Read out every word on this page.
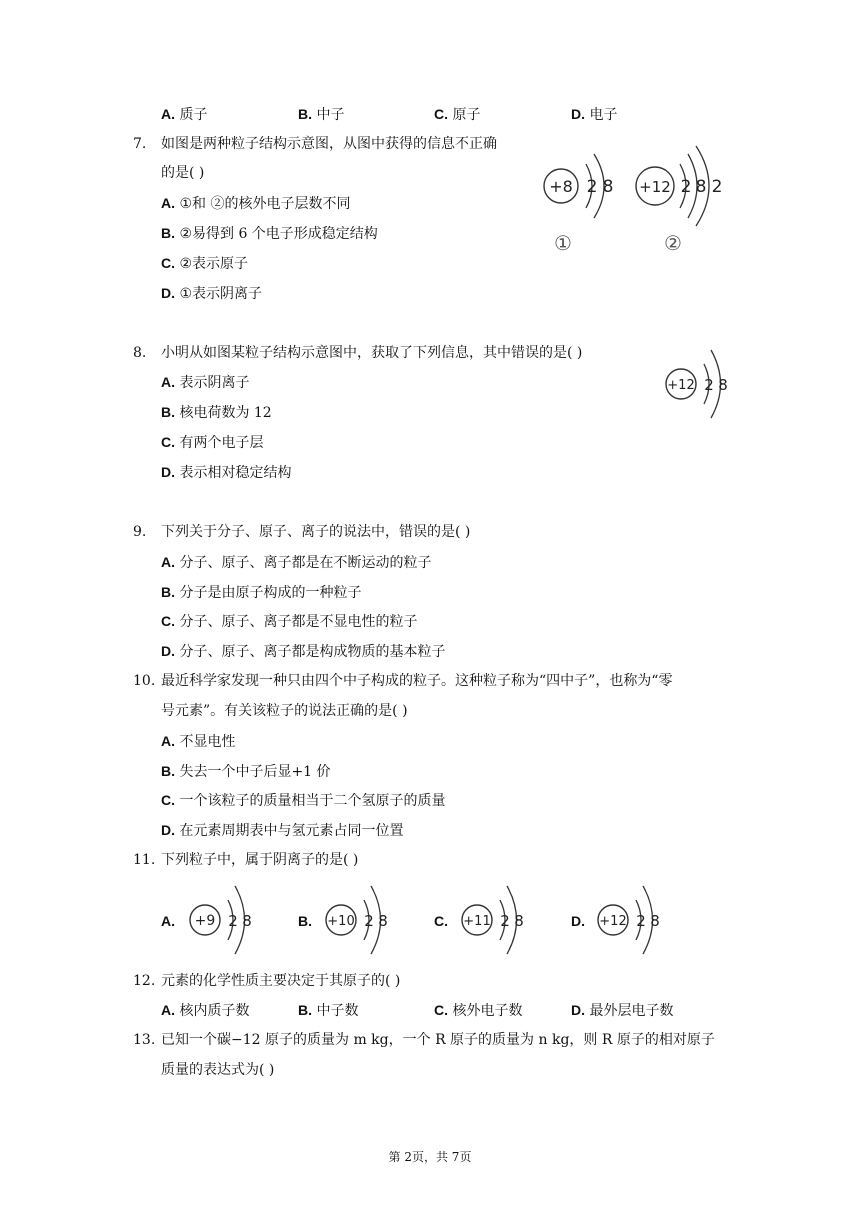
A. 质子	B. 中子	C. 原子	D. 电子
7.	如图是两种粒子结构示意图，从图中获得的信息不正确
的是( )
A. ①和 ②的核外电子层数不同
B. ②易得到 6 个电子形成稳定结构
C. ②表示原子
D. ①表示阴离子
+8 2 8
①
+12 2 8 2
②
8.	小明从如图某粒子结构示意图中，获取了下列信息，其中错误的是( )
A. 表示阴离子
B. 核电荷数为 12
C. 有两个电子层
D. 表示相对稳定结构
+12 2 8
9.	下列关于分子、原子、离子的说法中，错误的是( )
A. 分子、原子、离子都是在不断运动的粒子
B. 分子是由原子构成的一种粒子
C. 分子、原子、离子都是不显电性的粒子
D. 分子、原子、离子都是构成物质的基本粒子
10. 最近科学家发现一种只由四个中子构成的粒子。这种粒子称为“四中子”，也称为“零
号元素”。有关该粒子的说法正确的是( )
A. 不显电性
B. 失去一个中子后显+1 价
C. 一个该粒子的质量相当于二个氢原子的质量
D. 在元素周期表中与氢元素占同一位置
11. 下列粒子中，属于阴离子的是( )
A. +9 2 8	B. +10 2 8	C. +11 2 8	D. +12 2 8
12. 元素的化学性质主要决定于其原子的( )
A. 核内质子数	B. 中子数	C. 核外电子数	D. 最外层电子数
13. 已知一个碳−12 原子的质量为 m kg，一个 R 原子的质量为 n kg，则 R 原子的相对原子
质量的表达式为( )
第 2页，共 7页
